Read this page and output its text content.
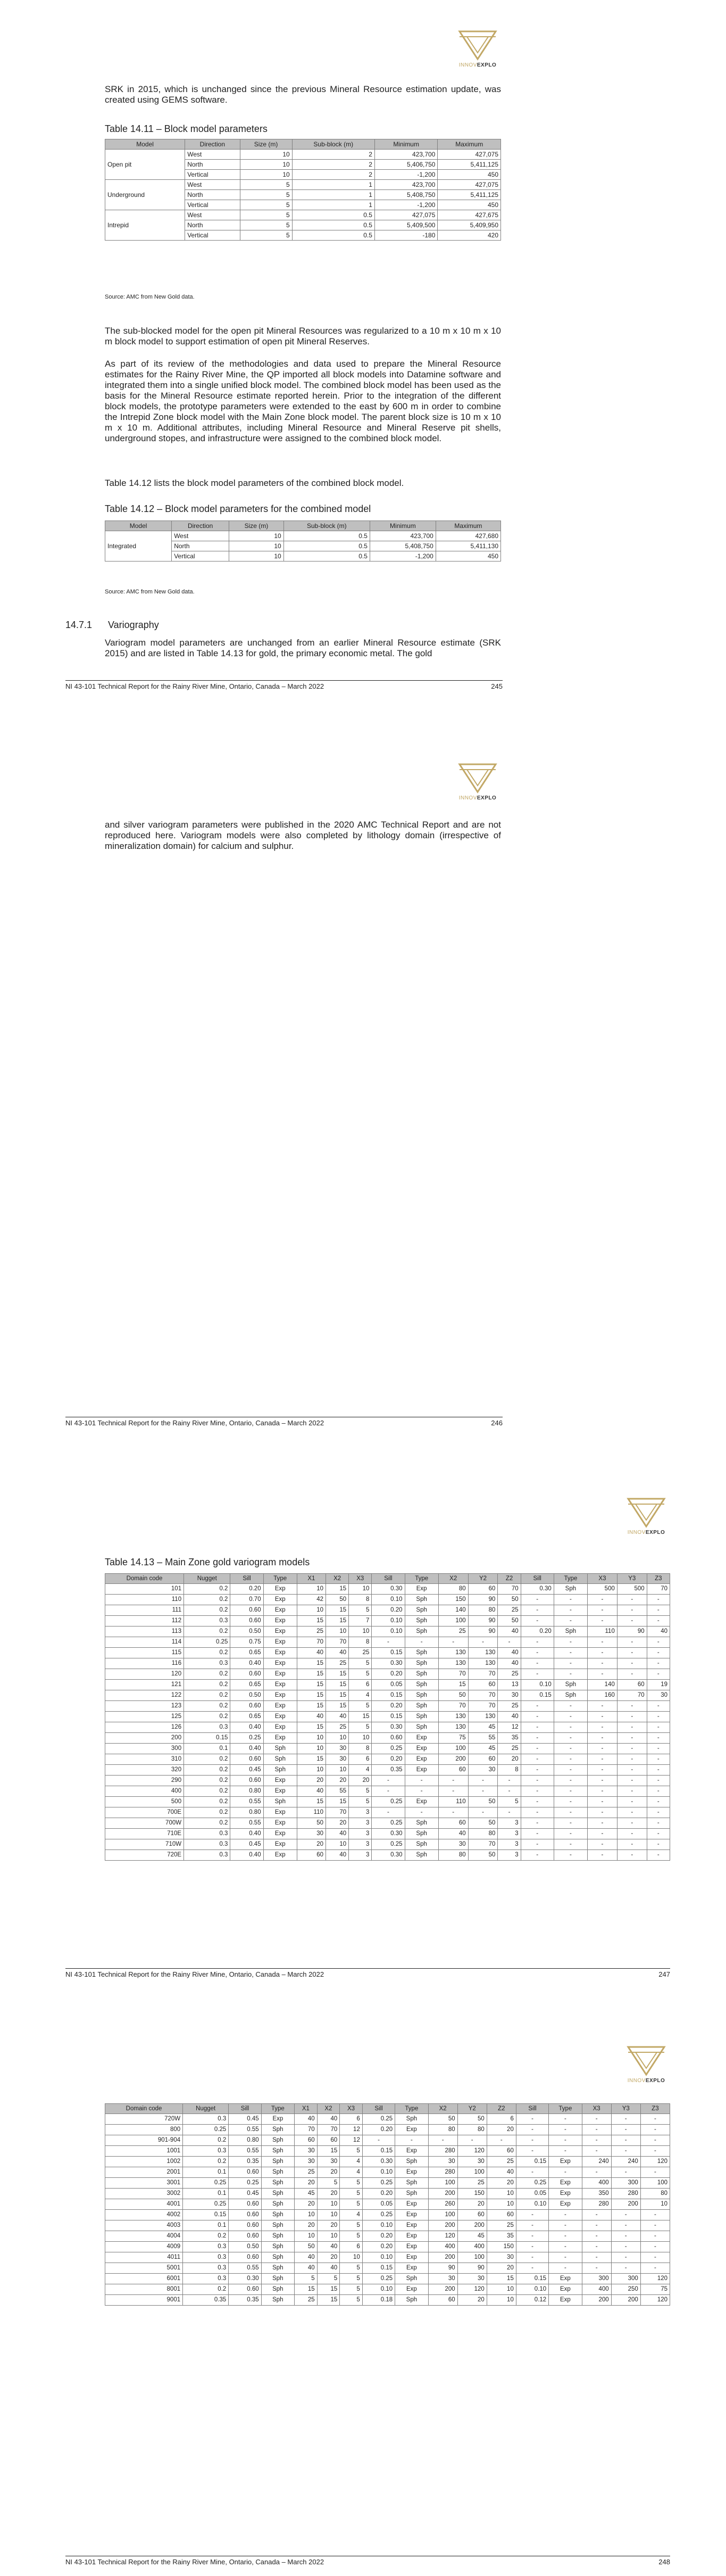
INNOVEXPLO

SRK in 2015, which is unchanged since the previous Mineral Resource estimation update, was created using GEMS software.

Table 14.11 – Block model parameters

Model	Direction	Size (m)	Sub-block (m)	Minimum	Maximum
Open pit	West	10	2	423,700	427,075
	North	10	2	5,406,750	5,411,125
	Vertical	10	2	-1,200	450
Underground	West	5	1	423,700	427,075
	North	5	1	5,408,750	5,411,125
	Vertical	5	1	-1,200	450
Intrepid	West	5	0.5	427,075	427,675
	North	5	0.5	5,409,500	5,409,950
	Vertical	5	0.5	-180	420

Source: AMC from New Gold data.

The sub-blocked model for the open pit Mineral Resources was regularized to a 10 m x 10 m x 10 m block model to support estimation of open pit Mineral Reserves.

As part of its review of the methodologies and data used to prepare the Mineral Resource estimates for the Rainy River Mine, the QP imported all block models into Datamine software and integrated them into a single unified block model. The combined block model has been used as the basis for the Mineral Resource estimate reported herein. Prior to the integration of the different block models, the prototype parameters were extended to the east by 600 m in order to combine the Intrepid Zone block model with the Main Zone block model. The parent block size is 10 m x 10 m x 10 m. Additional attributes, including Mineral Resource and Mineral Reserve pit shells, underground stopes, and infrastructure were assigned to the combined block model.

Table 14.12 lists the block model parameters of the combined block model.

Table 14.12 – Block model parameters for the combined model

Model	Direction	Size (m)	Sub-block (m)	Minimum	Maximum
Integrated	West	10	0.5	423,700	427,680
	North	10	0.5	5,408,750	5,411,130
	Vertical	10	0.5	-1,200	450

Source: AMC from New Gold data.

14.7.1 Variography

Variogram model parameters are unchanged from an earlier Mineral Resource estimate (SRK 2015) and are listed in Table 14.13 for gold, the primary economic metal. The gold

NI 43-101 Technical Report for the Rainy River Mine, Ontario, Canada – March 2022	245
INNOVEXPLO

and silver variogram parameters were published in the 2020 AMC Technical Report and are not reproduced here. Variogram models were also completed by lithology domain (irrespective of mineralization domain) for calcium and sulphur.

NI 43-101 Technical Report for the Rainy River Mine, Ontario, Canada – March 2022	246
INNOVEXPLO

Table 14.13 – Main Zone gold variogram models

Domain code	Nugget	Sill	Type	X1	X2	X3	Sill	Type	X2	Y2	Z2	Sill	Type	X3	Y3	Z3
101	0.2	0.20	Exp	10	15	10	0.30	Exp	80	60	70	0.30	Sph	500	500	70
110	0.2	0.70	Exp	42	50	8	0.10	Sph	150	90	50	-	-	-	-	-
111	0.2	0.60	Exp	10	15	5	0.20	Sph	140	80	25	-	-	-	-	-
112	0.3	0.60	Exp	15	15	7	0.10	Sph	100	90	50	-	-	-	-	-
113	0.2	0.50	Exp	25	10	10	0.10	Sph	25	90	40	0.20	Sph	110	90	40
114	0.25	0.75	Exp	70	70	8	-	-	-	-	-	-	-	-	-	-
115	0.2	0.65	Exp	40	40	25	0.15	Sph	130	130	40	-	-	-	-	-
116	0.3	0.40	Exp	15	25	5	0.30	Sph	130	130	40	-	-	-	-	-
120	0.2	0.60	Exp	15	15	5	0.20	Sph	70	70	25	-	-	-	-	-
121	0.2	0.65	Exp	15	15	6	0.05	Sph	15	60	13	0.10	Sph	140	60	19
122	0.2	0.50	Exp	15	15	4	0.15	Sph	50	70	30	0.15	Sph	160	70	30
123	0.2	0.60	Exp	15	15	5	0.20	Sph	70	70	25	-	-	-	-	-
125	0.2	0.65	Exp	40	40	15	0.15	Sph	130	130	40	-	-	-	-	-
126	0.3	0.40	Exp	15	25	5	0.30	Sph	130	45	12	-	-	-	-	-
200	0.15	0.25	Exp	10	10	10	0.60	Exp	75	55	35	-	-	-	-	-
300	0.1	0.40	Sph	10	30	8	0.25	Exp	100	45	25	-	-	-	-	-
310	0.2	0.60	Sph	15	30	6	0.20	Exp	200	60	20	-	-	-	-	-
320	0.2	0.45	Sph	10	10	4	0.35	Exp	60	30	8	-	-	-	-	-
290	0.2	0.60	Exp	20	20	20	-	-	-	-	-	-	-	-	-	-
400	0.2	0.80	Exp	40	55	5	-	-	-	-	-	-	-	-	-	-
500	0.2	0.55	Sph	15	15	5	0.25	Exp	110	50	5	-	-	-	-	-
700E	0.2	0.80	Exp	110	70	3	-	-	-	-	-	-	-	-	-	-
700W	0.2	0.55	Exp	50	20	3	0.25	Sph	60	50	3	-	-	-	-	-
710E	0.3	0.40	Exp	30	40	3	0.30	Sph	40	80	3	-	-	-	-	-
710W	0.3	0.45	Exp	20	10	3	0.25	Sph	30	70	3	-	-	-	-	-
720E	0.3	0.40	Exp	60	40	3	0.30	Sph	80	50	3	-	-	-	-	-
NI 43-101 Technical Report for the Rainy River Mine, Ontario, Canada – March 2022	247
INNOVEXPLO
Domain code	Nugget	Sill	Type	X1	X2	X3	Sill	Type	X2	Y2	Z2	Sill	Type	X3	Y3	Z3
720W	0.3	0.45	Exp	40	40	6	0.25	Sph	50	50	6	-	-	-	-	-
800	0.25	0.55	Sph	70	70	12	0.20	Exp	80	80	20	-	-	-	-	-
901-904	0.2	0.80	Sph	60	60	12	-	-	-	-	-	-	-	-	-	-
1001	0.3	0.55	Sph	30	15	5	0.15	Exp	280	120	60	-	-	-	-	-
1002	0.2	0.35	Sph	30	30	4	0.30	Sph	30	30	25	0.15	Exp	240	240	120
2001	0.1	0.60	Sph	25	20	4	0.10	Exp	280	100	40	-	-	-	-	-
3001	0.25	0.25	Sph	20	5	5	0.25	Sph	100	25	20	0.25	Exp	400	300	100
3002	0.1	0.45	Sph	45	20	5	0.20	Sph	200	150	10	0.05	Exp	350	280	80
4001	0.25	0.60	Sph	20	10	5	0.05	Exp	260	20	10	0.10	Exp	280	200	10
4002	0.15	0.60	Sph	10	10	4	0.25	Exp	100	60	60	-	-	-	-	-
4003	0.1	0.60	Sph	20	20	5	0.10	Exp	200	200	25	-	-	-	-	-
4004	0.2	0.60	Sph	10	10	5	0.20	Exp	120	45	35	-	-	-	-	-
4009	0.3	0.50	Sph	50	40	6	0.20	Exp	400	400	150	-	-	-	-	-
4011	0.3	0.60	Sph	40	20	10	0.10	Exp	200	100	30	-	-	-	-	-
5001	0.3	0.55	Sph	40	40	5	0.15	Exp	90	90	20	-	-	-	-	-
6001	0.3	0.30	Sph	5	5	5	0.25	Sph	30	30	15	0.15	Exp	300	300	120
8001	0.2	0.60	Sph	15	15	5	0.10	Exp	200	120	10	0.10	Exp	400	250	75
9001	0.35	0.35	Sph	25	15	5	0.18	Sph	60	20	10	0.12	Exp	200	200	120
NI 43-101 Technical Report for the Rainy River Mine, Ontario, Canada – March 2022	248
